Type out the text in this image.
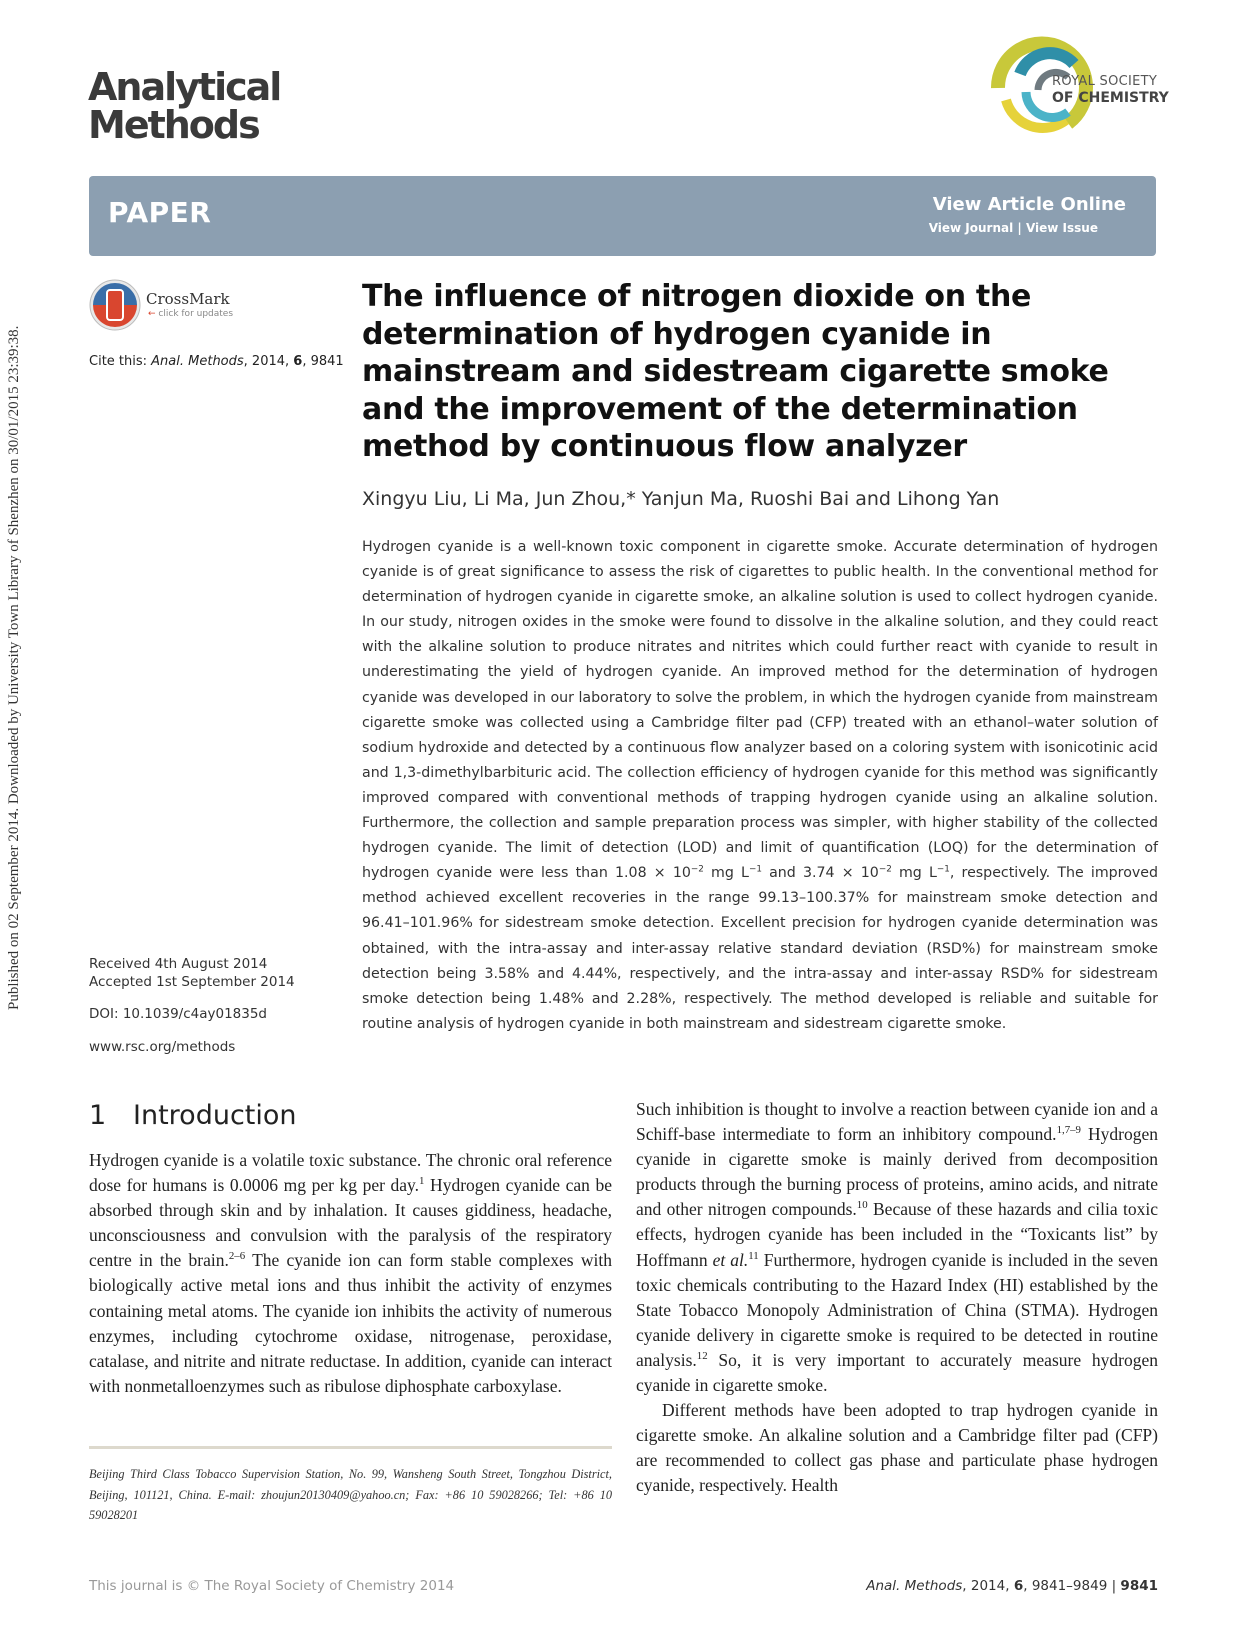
Published on 02 September 2014. Downloaded by University Town Library of Shenzhen on 30/01/2015 23:39:38.
Analytical
Methods
ROYAL SOCIETY
OF CHEMISTRY
PAPER	View Article Online
View Journal | View Issue
CrossMark
← click for updates
Cite this: Anal. Methods, 2014, 6, 9841
The influence of nitrogen dioxide on the determination of hydrogen cyanide in mainstream and sidestream cigarette smoke and the improvement of the determination method by continuous flow analyzer
Xingyu Liu, Li Ma, Jun Zhou,* Yanjun Ma, Ruoshi Bai and Lihong Yan
Hydrogen cyanide is a well-known toxic component in cigarette smoke. Accurate determination of hydrogen cyanide is of great significance to assess the risk of cigarettes to public health. In the conventional method for determination of hydrogen cyanide in cigarette smoke, an alkaline solution is used to collect hydrogen cyanide. In our study, nitrogen oxides in the smoke were found to dissolve in the alkaline solution, and they could react with the alkaline solution to produce nitrates and nitrites which could further react with cyanide to result in underestimating the yield of hydrogen cyanide. An improved method for the determination of hydrogen cyanide was developed in our laboratory to solve the problem, in which the hydrogen cyanide from mainstream cigarette smoke was collected using a Cambridge filter pad (CFP) treated with an ethanol–water solution of sodium hydroxide and detected by a continuous flow analyzer based on a coloring system with isonicotinic acid and 1,3-dimethylbarbituric acid. The collection efficiency of hydrogen cyanide for this method was significantly improved compared with conventional methods of trapping hydrogen cyanide using an alkaline solution. Furthermore, the collection and sample preparation process was simpler, with higher stability of the collected hydrogen cyanide. The limit of detection (LOD) and limit of quantification (LOQ) for the determination of hydrogen cyanide were less than $1.08 \times 10^{-2}$ mg $L^{-1}$ and $3.74 \times 10^{-2}$ mg $L^{-1}$, respectively. The improved method achieved excellent recoveries in the range 99.13–100.37% for mainstream smoke detection and 96.41–101.96% for sidestream smoke detection. Excellent precision for hydrogen cyanide determination was obtained, with the intra-assay and inter-assay relative standard deviation (RSD%) for mainstream smoke detection being 3.58% and 4.44%, respectively, and the intra-assay and inter-assay RSD% for sidestream smoke detection being 1.48% and 2.28%, respectively. The method developed is reliable and suitable for routine analysis of hydrogen cyanide in both mainstream and sidestream cigarette smoke.
Received 4th August 2014
Accepted 1st September 2014
DOI: 10.1039/c4ay01835d
www.rsc.org/methods
1 Introduction
Hydrogen cyanide is a volatile toxic substance. The chronic oral reference dose for humans is 0.0006 mg per kg per day.$^1$ Hydrogen cyanide can be absorbed through skin and by inhalation. It causes giddiness, headache, unconsciousness and convulsion with the paralysis of the respiratory centre in the brain.$^{2-6}$ The cyanide ion can form stable complexes with biologically active metal ions and thus inhibit the activity of enzymes containing metal atoms. The cyanide ion inhibits the activity of numerous enzymes, including cytochrome oxidase, nitrogenase, peroxidase, catalase, and nitrite and nitrate reductase. In addition, cyanide can interact with nonmetalloenzymes such as ribulose diphosphate carboxylase.
Such inhibition is thought to involve a reaction between cyanide ion and a Schiff-base intermediate to form an inhibitory compound.$^{1,7-9}$ Hydrogen cyanide in cigarette smoke is mainly derived from decomposition products through the burning process of proteins, amino acids, and nitrate and other nitrogen compounds.$^{10}$ Because of these hazards and cilia toxic effects, hydrogen cyanide has been included in the “Toxicants list” by Hoffmann et al.$^{11}$ Furthermore, hydrogen cyanide is included in the seven toxic chemicals contributing to the Hazard Index (HI) established by the State Tobacco Monopoly Administration of China (STMA). Hydrogen cyanide delivery in cigarette smoke is required to be detected in routine analysis.$^{12}$ So, it is very important to accurately measure hydrogen cyanide in cigarette smoke.
Different methods have been adopted to trap hydrogen cyanide in cigarette smoke. An alkaline solution and a Cambridge filter pad (CFP) are recommended to collect gas phase and particulate phase hydrogen cyanide, respectively. Health
Beijing Third Class Tobacco Supervision Station, No. 99, Wansheng South Street, Tongzhou District, Beijing, 101121, China. E-mail: zhoujun20130409@yahoo.cn; Fax: +86 10 59028266; Tel: +86 10 59028201
This journal is © The Royal Society of Chemistry 2014	Anal. Methods, 2014, 6, 9841–9849 | 9841
